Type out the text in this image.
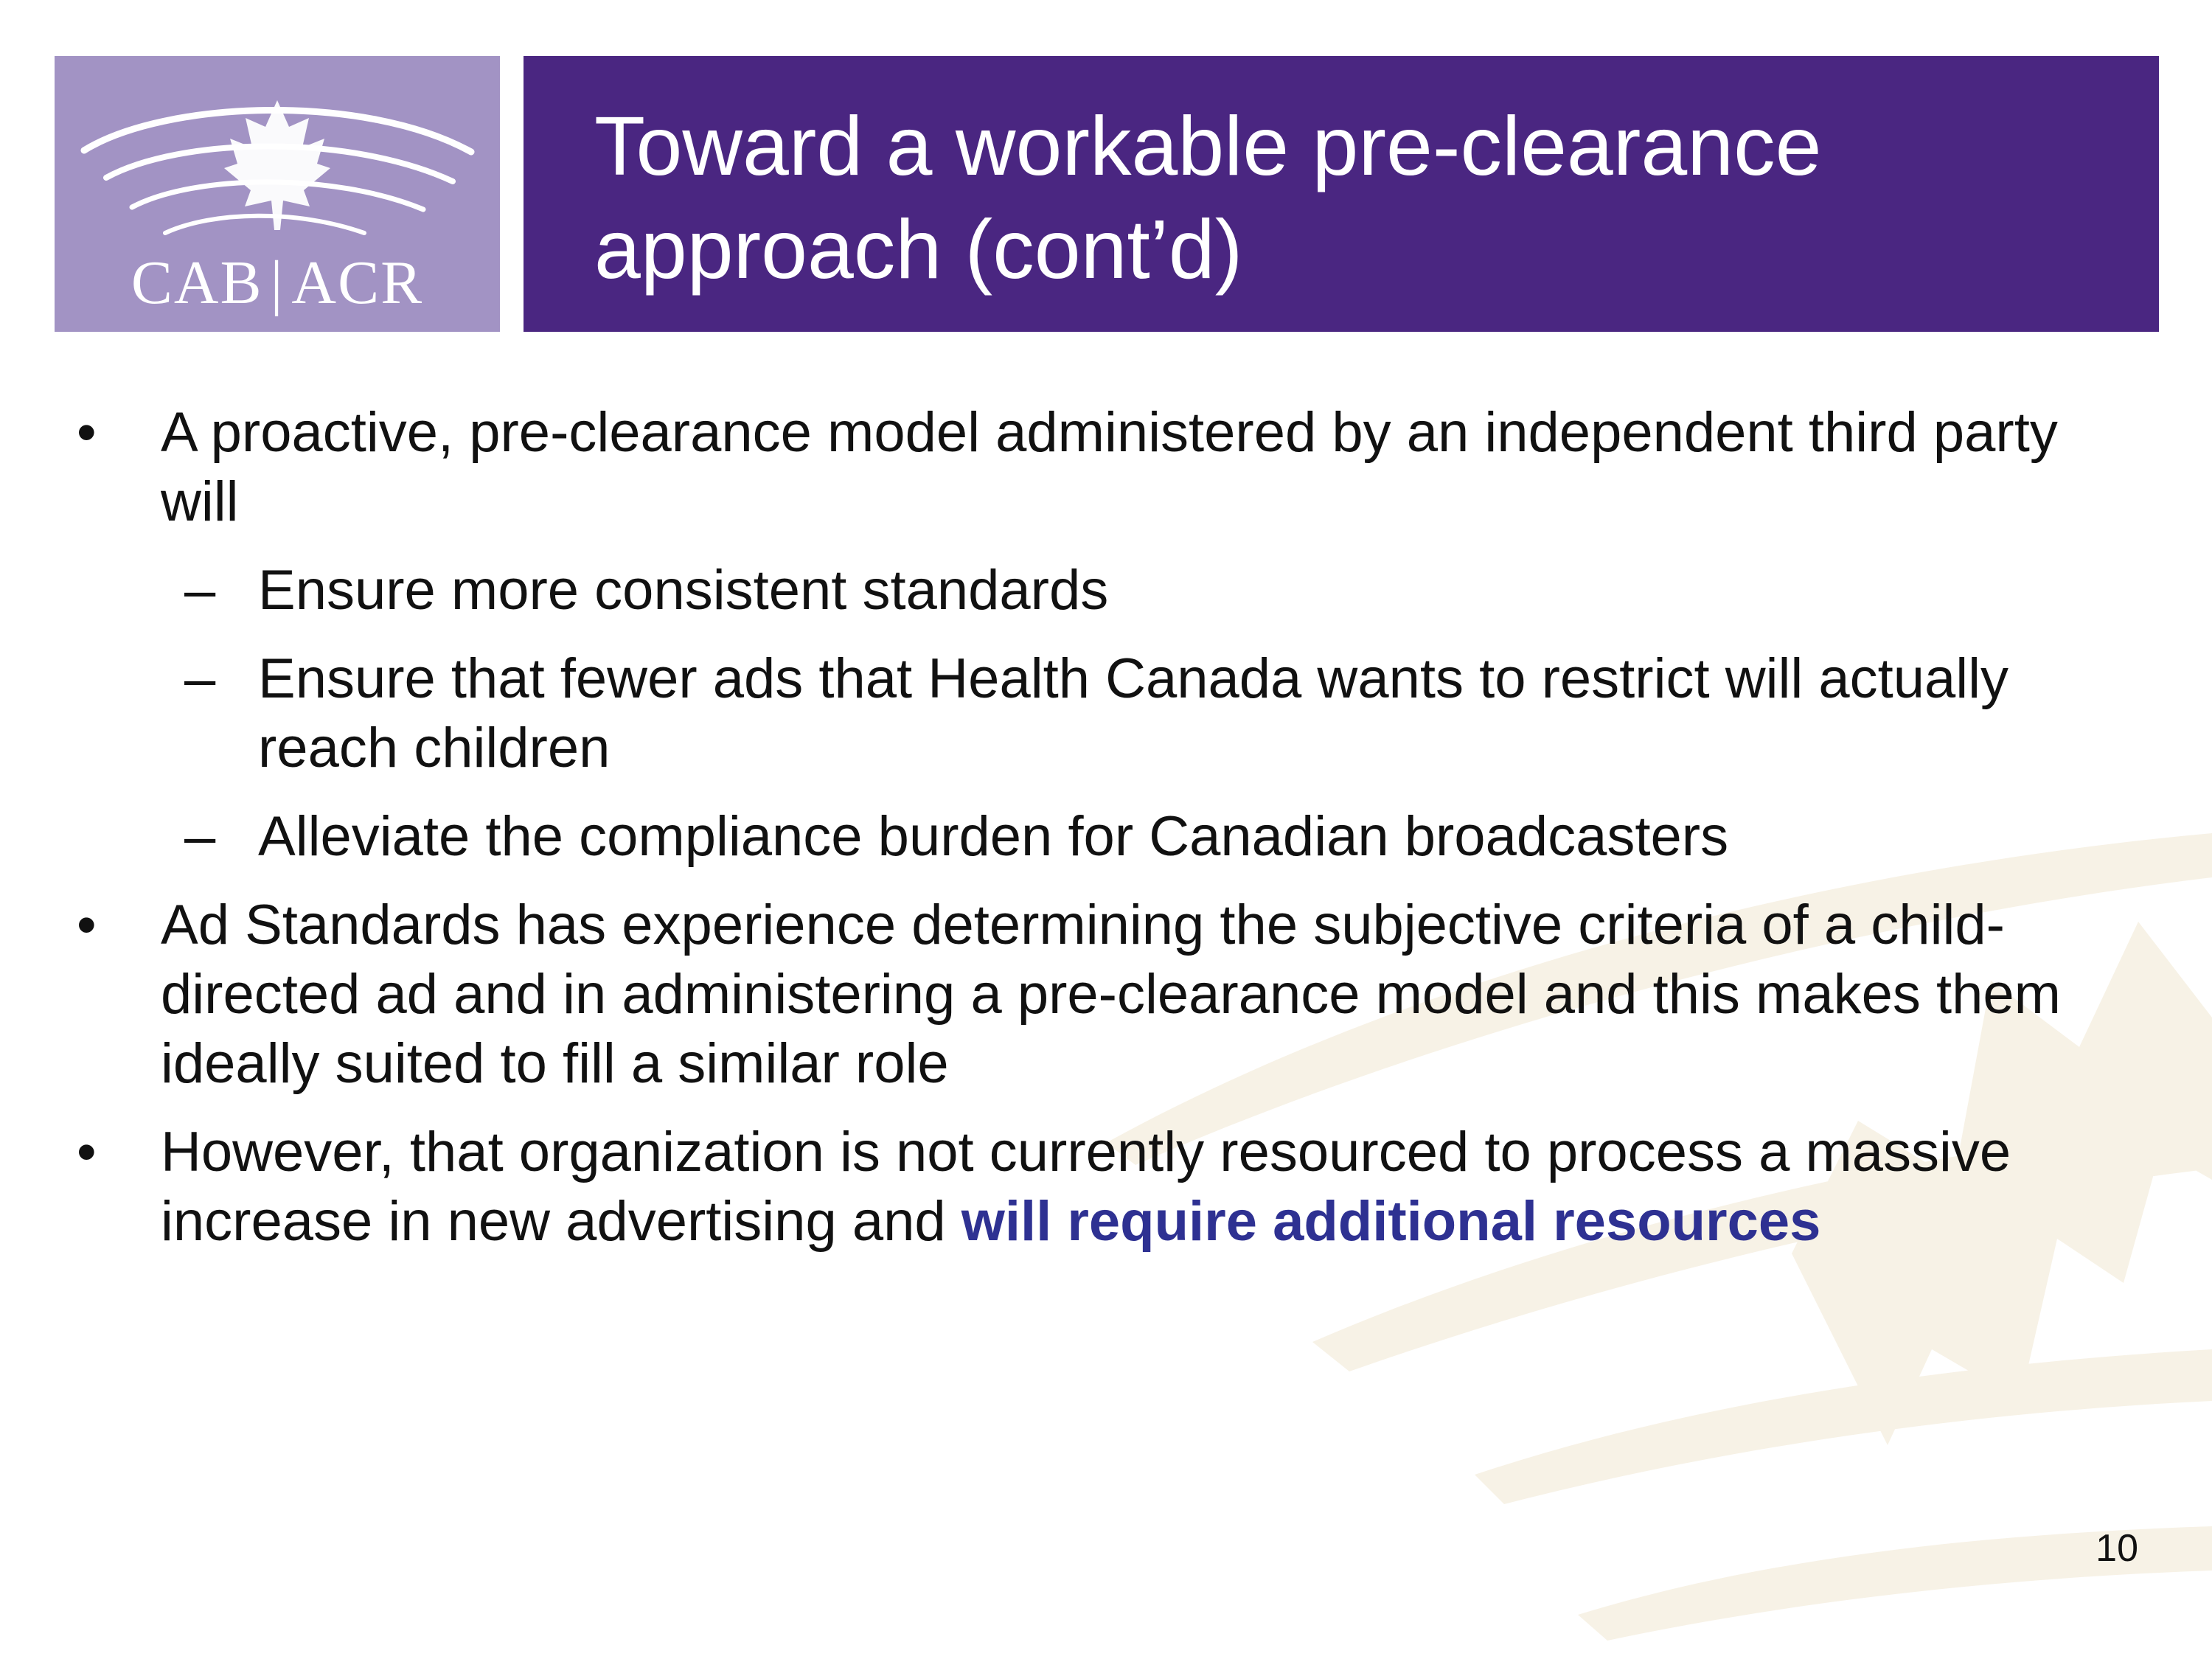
CAB | ACR
Toward a workable pre-clearance
approach (cont’d)
• A proactive, pre-clearance model administered by an independent third party will
– Ensure more consistent standards
– Ensure that fewer ads that Health Canada wants to restrict will actually reach children
– Alleviate the compliance burden for Canadian broadcasters
• Ad Standards has experience determining the subjective criteria of a child-directed ad and in administering a pre-clearance model and this makes them ideally suited to fill a similar role
• However, that organization is not currently resourced to process a massive increase in new advertising and will require additional resources
10
